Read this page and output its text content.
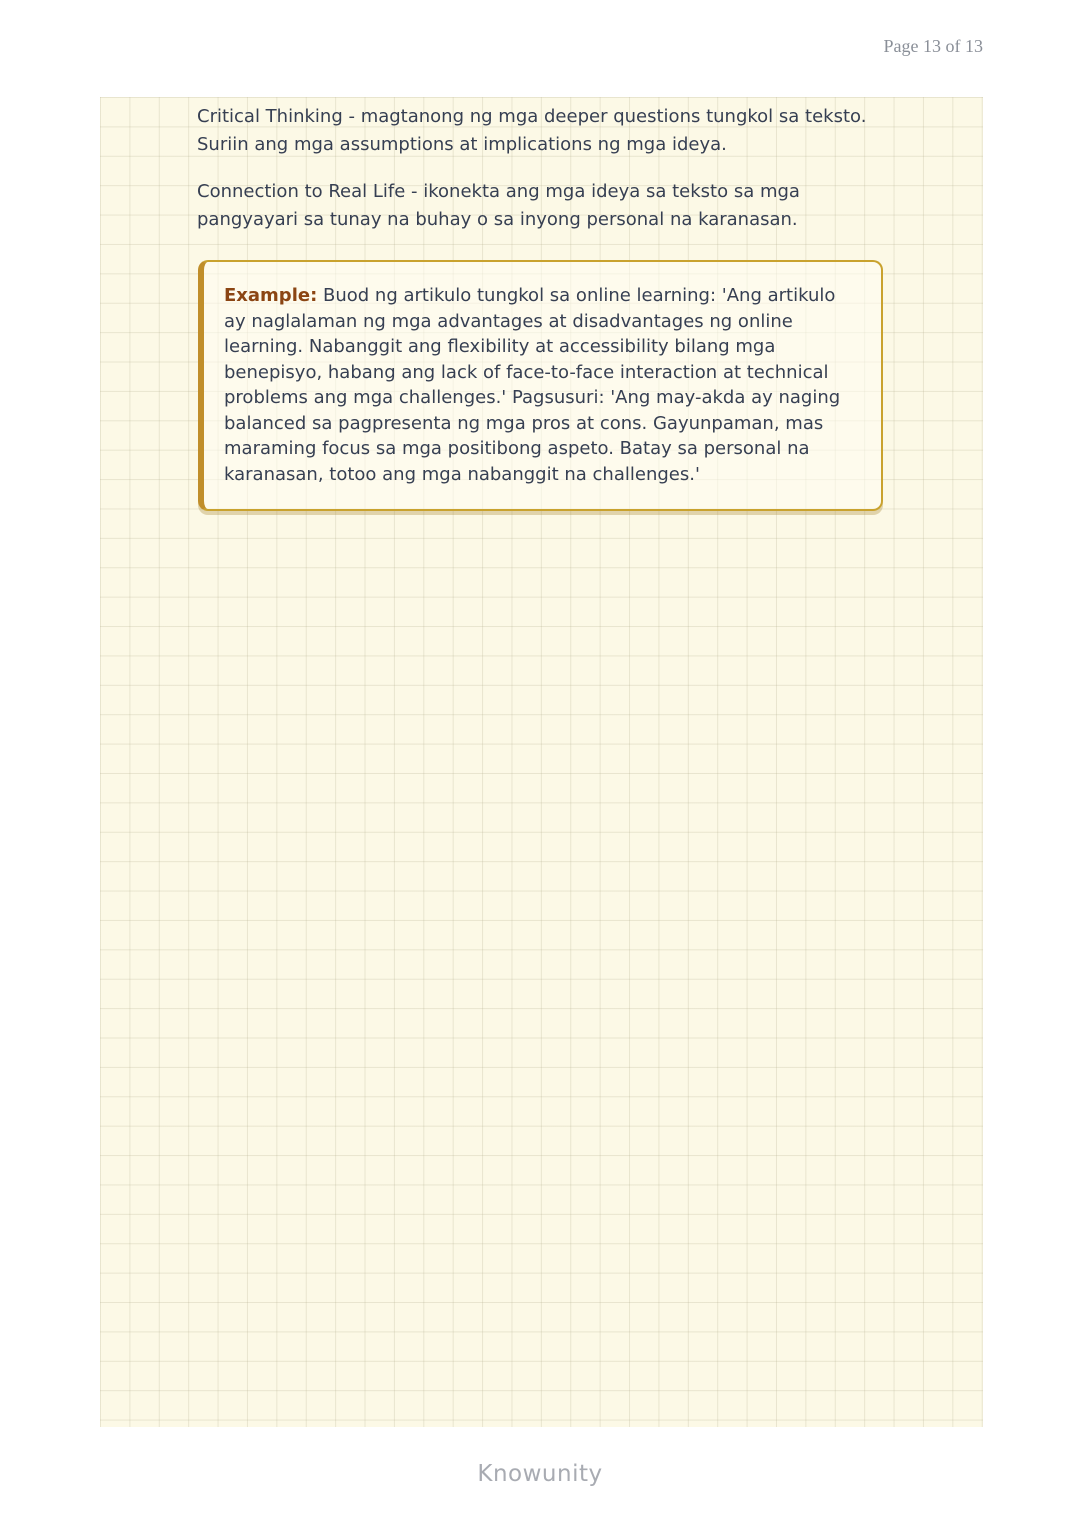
Page 13 of 13

Critical Thinking - magtanong ng mga deeper questions tungkol sa teksto. Suriin ang mga assumptions at implications ng mga ideya.

Connection to Real Life - ikonekta ang mga ideya sa teksto sa mga pangyayari sa tunay na buhay o sa inyong personal na karanasan.

Example: Buod ng artikulo tungkol sa online learning: 'Ang artikulo ay naglalaman ng mga advantages at disadvantages ng online learning. Nabanggit ang flexibility at accessibility bilang mga benepisyo, habang ang lack of face-to-face interaction at technical problems ang mga challenges.' Pagsusuri: 'Ang may-akda ay naging balanced sa pagpresenta ng mga pros at cons. Gayunpaman, mas maraming focus sa mga positibong aspeto. Batay sa personal na karanasan, totoo ang mga nabanggit na challenges.'

Knowunity
